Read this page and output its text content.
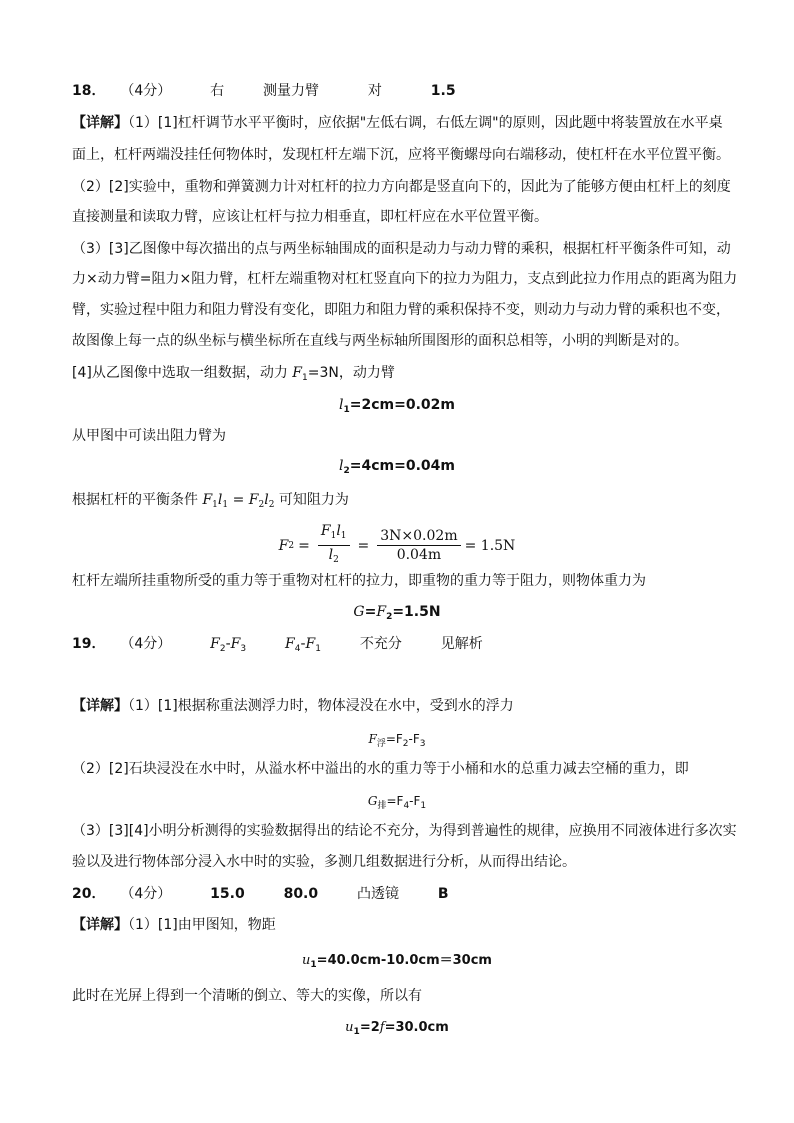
18． （4分）	右	测量力臂	对	1.5
【详解】（1）[1]杠杆调节水平平衡时，应依据"左低右调，右低左调"的原则，因此题中将装置放在水平桌
面上，杠杆两端没挂任何物体时，发现杠杆左端下沉，应将平衡螺母向右端移动，使杠杆在水平位置平衡。
（2）[2]实验中，重物和弹簧测力计对杠杆的拉力方向都是竖直向下的，因此为了能够方便由杠杆上的刻度
直接测量和读取力臂，应该让杠杆与拉力相垂直，即杠杆应在水平位置平衡。
（3）[3]乙图像中每次描出的点与两坐标轴围成的面积是动力与动力臂的乘积，根据杠杆平衡条件可知，动
力×动力臂=阻力×阻力臂，杠杆左端重物对杠杠竖直向下的拉力为阻力，支点到此拉力作用点的距离为阻力
臂，实验过程中阻力和阻力臂没有变化，即阻力和阻力臂的乘积保持不变，则动力与动力臂的乘积也不变，
故图像上每一点的纵坐标与横坐标所在直线与两坐标轴所围图形的面积总相等，小明的判断是对的。
[4]从乙图像中选取一组数据，动力 $F_1=3N$，动力臂
$l_1=2cm=0.02m$
从甲图中可读出阻力臂为
$l_2=4cm=0.04m$
根据杠杆的平衡条件 $F_1l_1 = F_2l_2$ 可知阻力为
F $2 = \frac{F_1l_1}{l_2} = \frac{3N\times 0.02m}{0.04m} = 1.5N$
杠杆左端所挂重物所受的重力等于重物对杠杆的拉力，即重物的重力等于阻力，则物体重力为
$G=F_2=1.5N$
19． （4分）	$F_2-F_3$	$F_4-F_1$	不充分	见解析
【详解】（1）[1]根据称重法测浮力时，物体浸没在水中，受到水的浮力
$F_浮=F_2-F_3$
（2）[2]石块浸没在水中时，从溢水杯中溢出的水的重力等于小桶和水的总重力减去空桶的重力，即
$G_排=F_4-F_1$
（3）[3][4]小明分析测得的实验数据得出的结论不充分，为得到普遍性的规律，应换用不同液体进行多次实
验以及进行物体部分浸入水中时的实验，多测几组数据进行分析，从而得出结论。
20． （4分）	15.0	80.0	凸透镜	B
【详解】（1）[1]由甲图知，物距
$u_1=40.0cm-10.0cm=30cm$
此时在光屏上得到一个清晰的倒立、等大的实像，所以有
$u_1=2f=30.0cm$
